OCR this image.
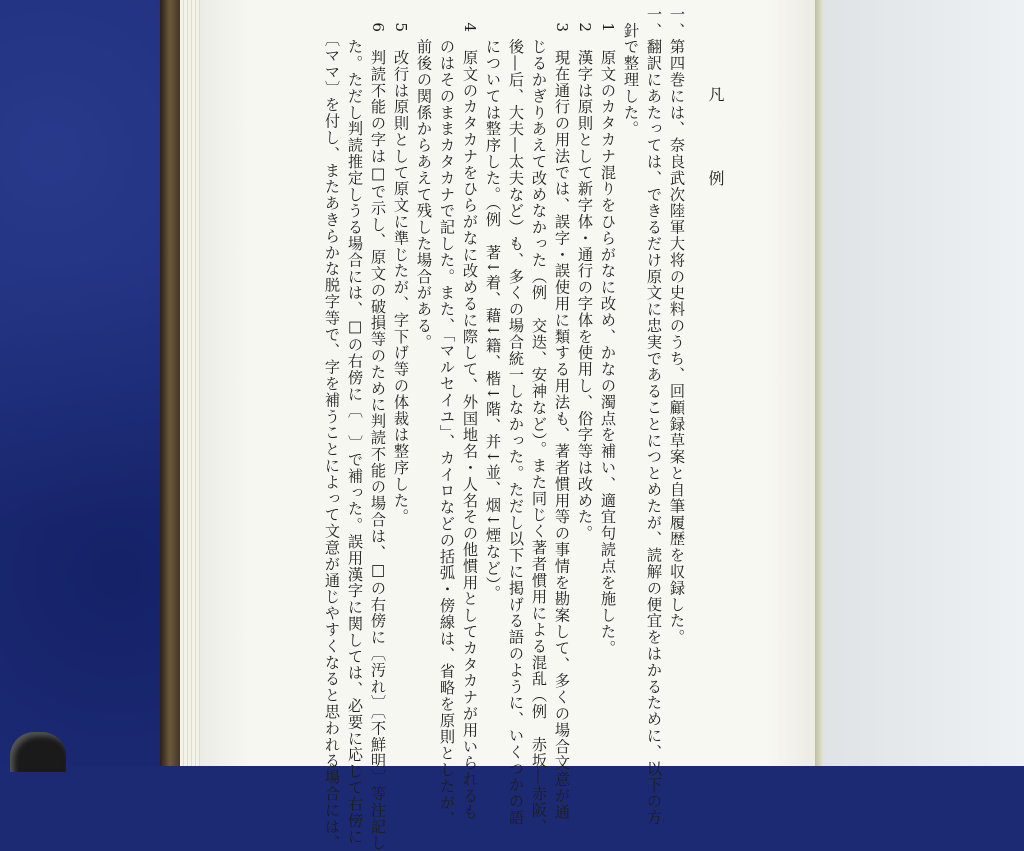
凡　例
一、第四巻には、奈良武次陸軍大将の史料のうち、回顧録草案と自筆履歴を収録した。
一、翻訳にあたっては、できるだけ原文に忠実であることにつとめたが、読解の便宜をはかるために、以下の方
　針で整理した。
　1　原文のカタカナ混りをひらがなに改め、かなの濁点を補い、適宜句読点を施した。
　2　漢字は原則として新字体・通行の字体を使用し、俗字等は改めた。
　3　現在通行の用法では、誤字・誤使用に類する用法も、著者慣用等の事情を勘案して、多くの場合文意が通
　　じるかぎりあえて改めなかった（例　交迭、安神など）。また同じく著者慣用による混乱（例　赤坂―赤阪、
　　後―后、大夫―太夫など）も、多くの場合統一しなかった。ただし以下に掲げる語のように、いくつかの語
　　については整序した。（例　著↓着、藉↓籍、楷↓階、并↓並、烟↓煙など）。
　4　原文のカタカナをひらがなに改めるに際して、外国地名・人名その他慣用としてカタカナが用いられるも
　　のはそのままカタカナで記した。また、「マルセイユ」、カイロなどの括弧・傍線は、省略を原則としたが、
　　前後の関係からあえて残した場合がある。
　5　改行は原則として原文に準じたが、字下げ等の体裁は整序した。
　6　判読不能の字は□で示し、原文の破損等のために判読不能の場合は、□の右傍に〔汚れ〕〔不鮮明〕等注記し
　　た。ただし判読推定しうる場合には、□の右傍に〔　〕で補った。誤用漢字に関しては、必要に応じて右傍に
　　〔ママ〕を付し、またあきらかな脱字等で、字を補うことによって文意が通じやすくなると思われる場合には、
